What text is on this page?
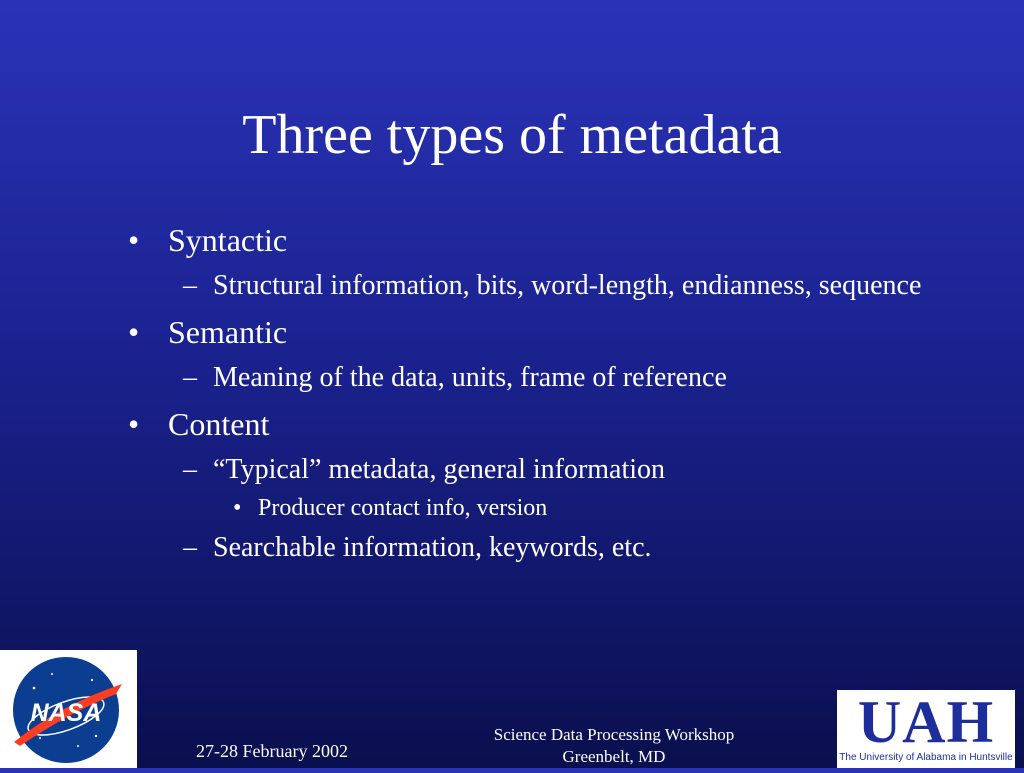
Three types of metadata
• Syntactic
– Structural information, bits, word-length, endianness, sequence
• Semantic
– Meaning of the data, units, frame of reference
• Content
– “Typical” metadata, general information
• Producer contact info, version
– Searchable information, keywords, etc.
NASA	UAH
The University of Alabama in Huntsville
27-28 February 2002
Science Data Processing Workshop
Greenbelt, MD
